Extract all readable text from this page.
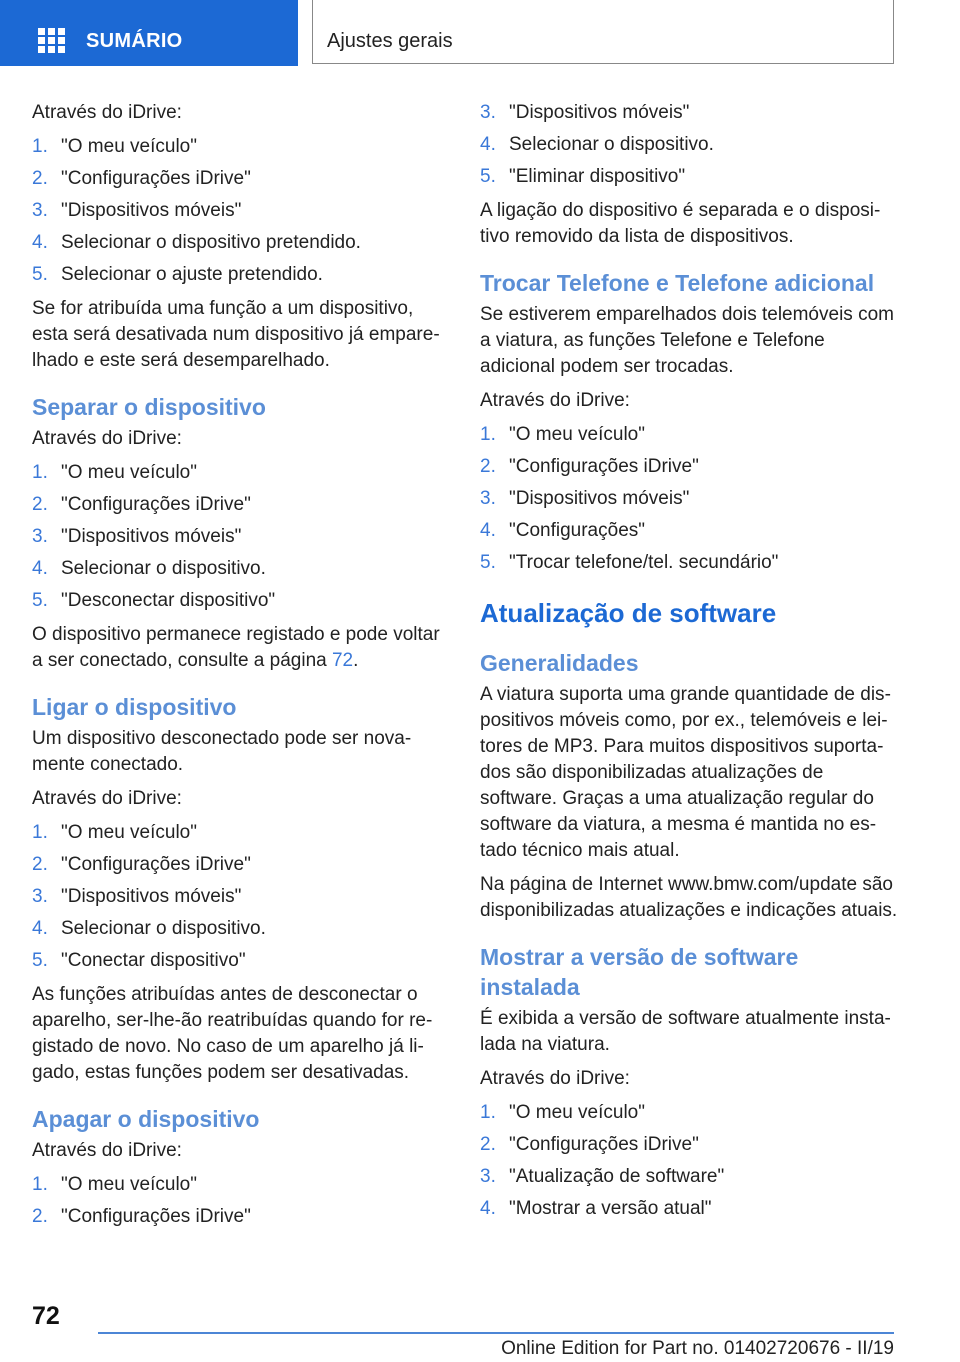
SUMÁRIO	Ajustes gerais

Através do iDrive:

1. "O meu veículo"
2. "Configurações iDrive"
3. "Dispositivos móveis"
4. Selecionar o dispositivo pretendido.
5. Selecionar o ajuste pretendido.

Se for atribuída uma função a um dispositivo, esta será desativada num dispositivo já emparelhado e este será desemparelhado.

Separar o dispositivo

Através do iDrive:

1. "O meu veículo"
2. "Configurações iDrive"
3. "Dispositivos móveis"
4. Selecionar o dispositivo.
5. "Desconectar dispositivo"

O dispositivo permanece registado e pode voltar a ser conectado, consulte a página 72.

Ligar o dispositivo

Um dispositivo desconectado pode ser novamente conectado.

Através do iDrive:

1. "O meu veículo"
2. "Configurações iDrive"
3. "Dispositivos móveis"
4. Selecionar o dispositivo.
5. "Conectar dispositivo"

As funções atribuídas antes de desconectar o aparelho, ser-lhe-ão reatribuídas quando for registado de novo. No caso de um aparelho já ligado, estas funções podem ser desativadas.

Apagar o dispositivo

Através do iDrive:

1. "O meu veículo"
2. "Configurações iDrive"
3. "Dispositivos móveis"
4. Selecionar o dispositivo.
5. "Eliminar dispositivo"

A ligação do dispositivo é separada e o dispositivo removido da lista de dispositivos.

Trocar Telefone e Telefone adicional

Se estiverem emparelhados dois telemóveis com a viatura, as funções Telefone e Telefone adicional podem ser trocadas.

Através do iDrive:

1. "O meu veículo"
2. "Configurações iDrive"
3. "Dispositivos móveis"
4. "Configurações"
5. "Trocar telefone/tel. secundário"
Atualização de software
Generalidades

A viatura suporta uma grande quantidade de dispositivos móveis como, por ex., telemóveis e leitores de MP3. Para muitos dispositivos suportados são disponibilizadas atualizações de software. Graças a uma atualização regular do software da viatura, a mesma é mantida no estado técnico mais atual.

Na página de Internet www.bmw.com/update são disponibilizadas atualizações e indicações atuais.

Mostrar a versão de software instalada

É exibida a versão de software atualmente instalada na viatura.

Através do iDrive:

1. "O meu veículo"
2. "Configurações iDrive"
3. "Atualização de software"
4. "Mostrar a versão atual"
72
Online Edition for Part no. 01402720676 - II/19
